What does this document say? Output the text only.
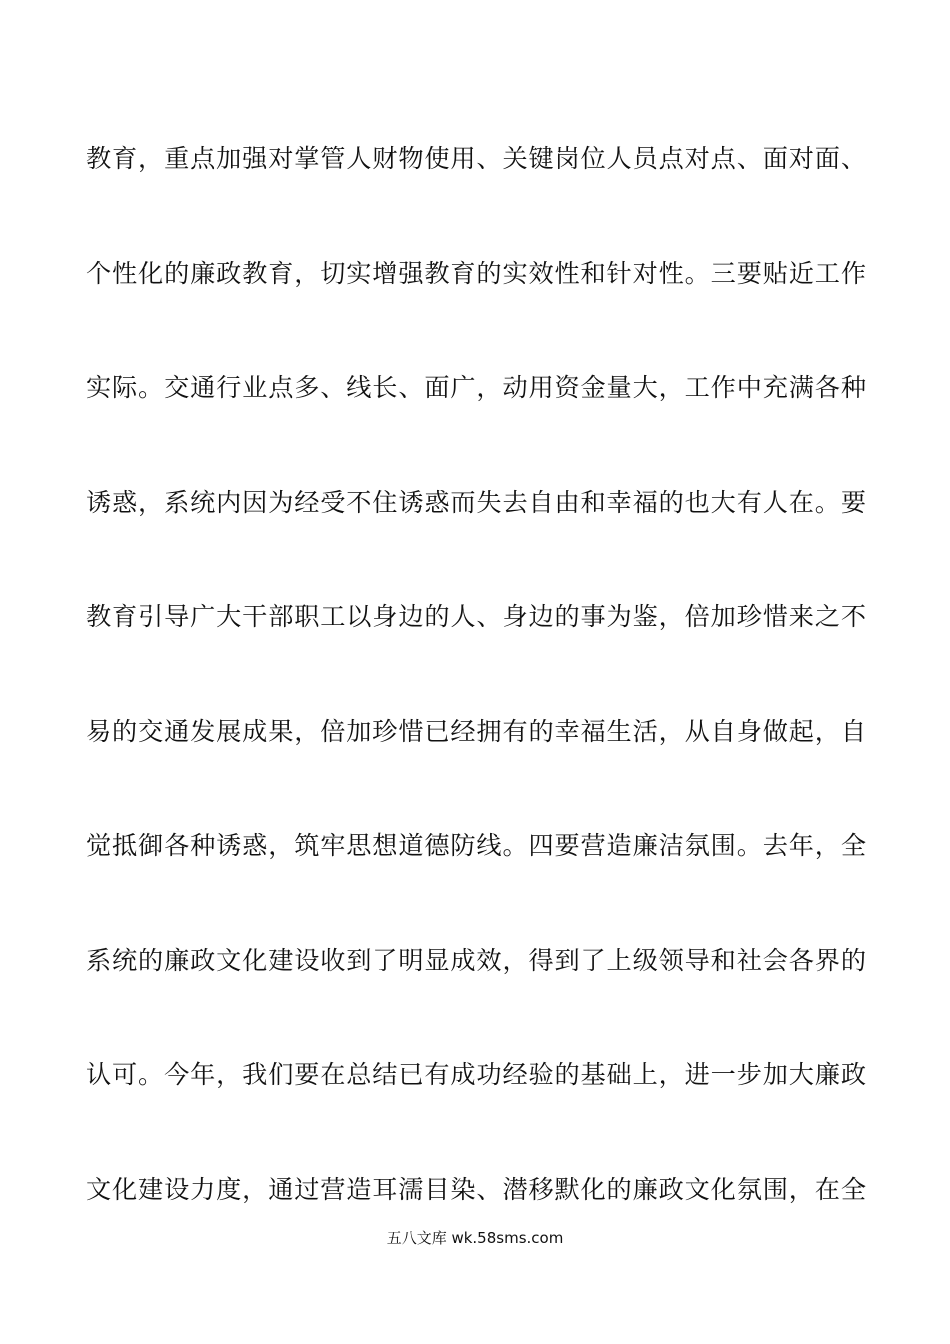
教育，重点加强对掌管人财物使用、关键岗位人员点对点、面对面、
个性化的廉政教育，切实增强教育的实效性和针对性。三要贴近工作
实际。交通行业点多、线长、面广，动用资金量大，工作中充满各种
诱惑，系统内因为经受不住诱惑而失去自由和幸福的也大有人在。要
教育引导广大干部职工以身边的人、身边的事为鉴，倍加珍惜来之不
易的交通发展成果，倍加珍惜已经拥有的幸福生活，从自身做起，自
觉抵御各种诱惑，筑牢思想道德防线。四要营造廉洁氛围。去年，全
系统的廉政文化建设收到了明显成效，得到了上级领导和社会各界的
认可。今年，我们要在总结已有成功经验的基础上，进一步加大廉政
文化建设力度，通过营造耳濡目染、潜移默化的廉政文化氛围，在全
五八文库 wk.58sms.com
